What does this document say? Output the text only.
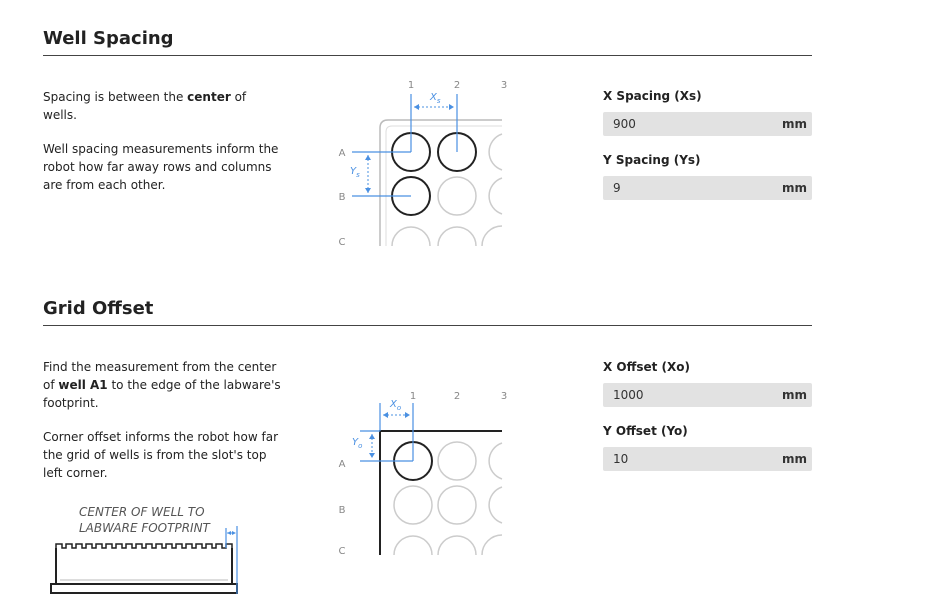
Well Spacing

Spacing is between the center of wells.

Well spacing measurements inform the robot how far away rows and columns are from each other.

1	2	3
A
B
C
$X_s$
$Y_s$
X Spacing (Xs)
900
mm
Y Spacing (Ys)
9
mm
Grid Offset

Find the measurement from the center of well A1 to the edge of the labware's footprint.

Corner offset informs the robot how far the grid of wells is from the slot's top left corner.

CENTER OF WELL TO
LABWARE FOOTPRINT
1	2	3
A
B
C
$X_o$
$Y_o$
X Offset (Xo)
1000
mm
Y Offset (Yo)
10
mm
